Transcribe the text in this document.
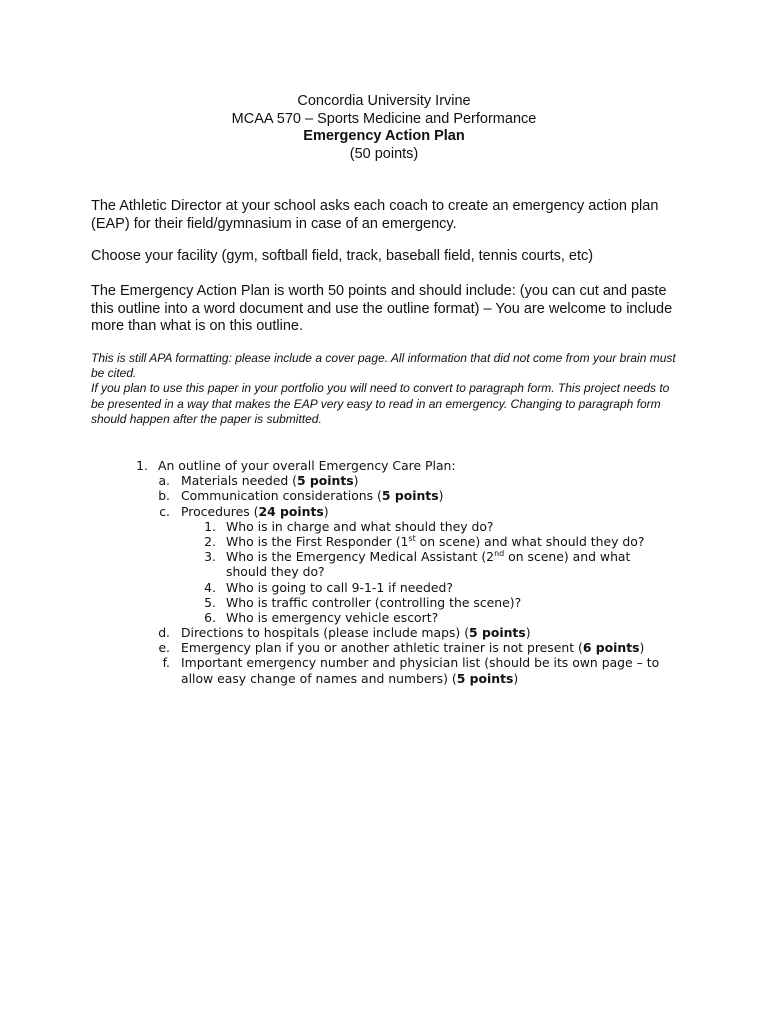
Concordia University Irvine
MCAA 570 – Sports Medicine and Performance
Emergency Action Plan
(50 points)

The Athletic Director at your school asks each coach to create an emergency action plan (EAP) for their field/gymnasium in case of an emergency.

Choose your facility (gym, softball field, track, baseball field, tennis courts, etc)

The Emergency Action Plan is worth 50 points and should include: (you can cut and paste this outline into a word document and use the outline format) – You are welcome to include more than what is on this outline.

This is still APA formatting: please include a cover page. All information that did not come from your brain must be cited.
If you plan to use this paper in your portfolio you will need to convert to paragraph form. This project needs to be presented in a way that makes the EAP very easy to read in an emergency. Changing to paragraph form should happen after the paper is submitted.
1. An outline of your overall Emergency Care Plan:
a. Materials needed (5 points)
b. Communication considerations (5 points)
c. Procedures (24 points)
1. Who is in charge and what should they do?
2. Who is the First Responder (1st on scene) and what should they do?
3. Who is the Emergency Medical Assistant (2nd on scene) and what
should they do?
4. Who is going to call 9-1-1 if needed?
5. Who is traffic controller (controlling the scene)?
6. Who is emergency vehicle escort?
d. Directions to hospitals (please include maps) (5 points)
e. Emergency plan if you or another athletic trainer is not present (6 points)
f. Important emergency number and physician list (should be its own page – to
allow easy change of names and numbers) (5 points)
